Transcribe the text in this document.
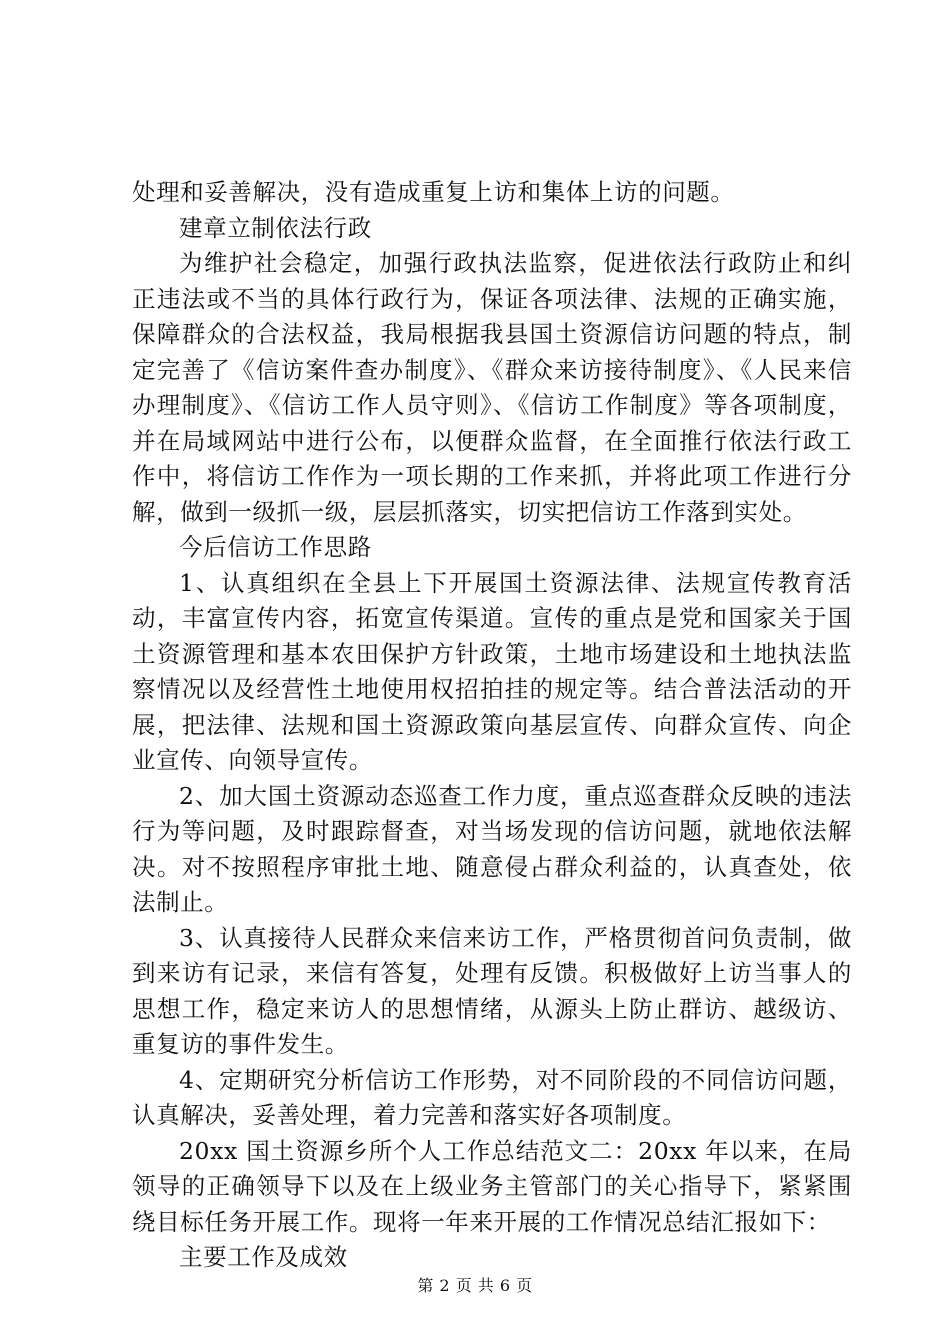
处理和妥善解决，没有造成重复上访和集体上访的问题。

建章立制依法行政

为维护社会稳定，加强行政执法监察，促进依法行政防止和纠正违法或不当的具体行政行为，保证各项法律、法规的正确实施，保障群众的合法权益，我局根据我县国土资源信访问题的特点，制定完善了《信访案件查办制度》、《群众来访接待制度》、《人民来信办理制度》、《信访工作人员守则》、《信访工作制度》等各项制度，并在局域网站中进行公布，以便群众监督，在全面推行依法行政工作中，将信访工作作为一项长期的工作来抓，并将此项工作进行分解，做到一级抓一级，层层抓落实，切实把信访工作落到实处。

今后信访工作思路

1、认真组织在全县上下开展国土资源法律、法规宣传教育活动，丰富宣传内容，拓宽宣传渠道。宣传的重点是党和国家关于国土资源管理和基本农田保护方针政策，土地市场建设和土地执法监察情况以及经营性土地使用权招拍挂的规定等。结合普法活动的开展，把法律、法规和国土资源政策向基层宣传、向群众宣传、向企业宣传、向领导宣传。

2、加大国土资源动态巡查工作力度，重点巡查群众反映的违法行为等问题，及时跟踪督查，对当场发现的信访问题，就地依法解决。对不按照程序审批土地、随意侵占群众利益的，认真查处，依法制止。

3、认真接待人民群众来信来访工作，严格贯彻首问负责制，做到来访有记录，来信有答复，处理有反馈。积极做好上访当事人的思想工作，稳定来访人的思想情绪，从源头上防止群访、越级访、重复访的事件发生。

4、定期研究分析信访工作形势，对不同阶段的不同信访问题，认真解决，妥善处理，着力完善和落实好各项制度。

20xx 国土资源乡所个人工作总结范文二：20xx 年以来，在局领导的正确领导下以及在上级业务主管部门的关心指导下，紧紧围绕目标任务开展工作。现将一年来开展的工作情况总结汇报如下：

主要工作及成效

第 2 页 共 6 页
